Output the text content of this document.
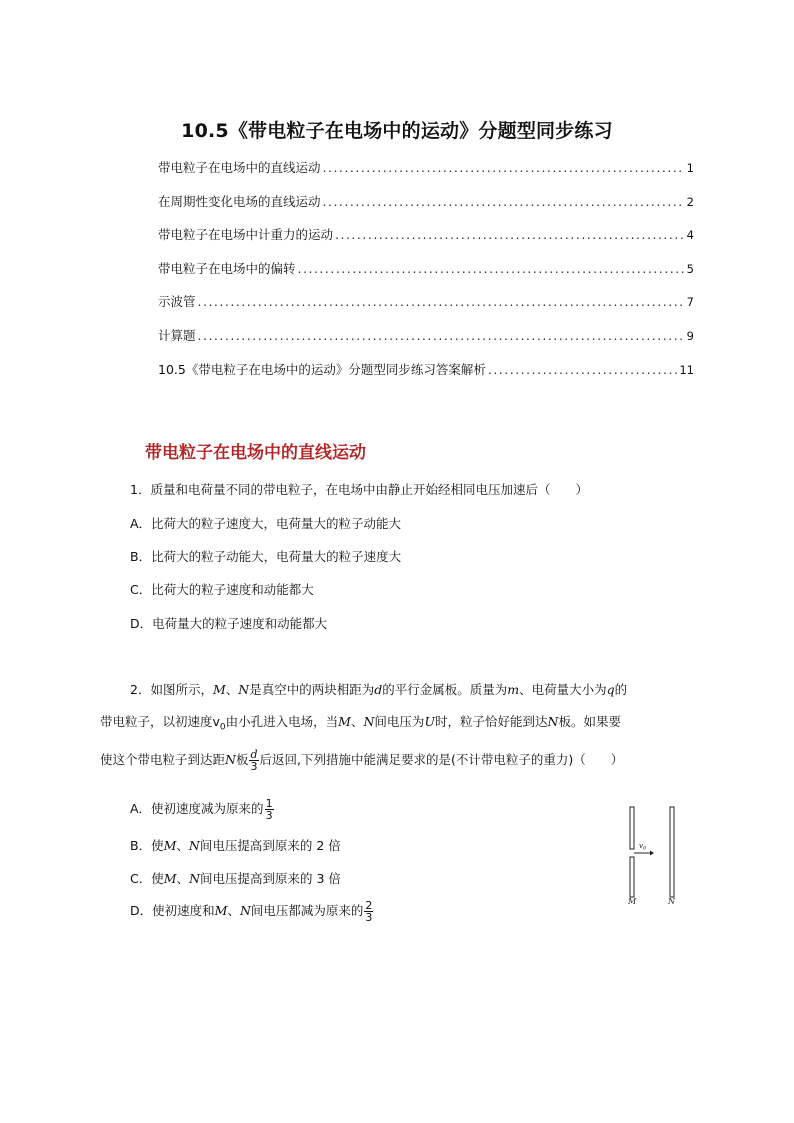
10.5《带电粒子在电场中的运动》分题型同步练习
带电粒子在电场中的直线运动 .....	1
在周期性变化电场的直线运动 .....	2
带电粒子在电场中计重力的运动 .....	4
带电粒子在电场中的偏转 .....	5
示波管 .....	7
计算题 .....	9
10.5《带电粒子在电场中的运动》分题型同步练习答案解析 .....	11
带电粒子在电场中的直线运动
1．质量和电荷量不同的带电粒子，在电场中由静止开始经相同电压加速后（　　）
A．比荷大的粒子速度大，电荷量大的粒子动能大
B．比荷大的粒子动能大，电荷量大的粒子速度大
C．比荷大的粒子速度和动能都大
D．电荷量大的粒子速度和动能都大
2．如图所示，M、N是真空中的两块相距为d的平行金属板。质量为m、电荷量大小为q的
带电粒子，以初速度$v_0$由小孔进入电场，当M、N间电压为U时，粒子恰好能到达N板。如果要
使这个带电粒子到达距N板 $\frac{d}{3}$ 后返回,下列措施中能满足要求的是(不计带电粒子的重力)（　　）
A．使初速度减为原来的 $\frac{1}{3}$
B．使M、N间电压提高到原来的 2 倍
C．使M、N间电压提高到原来的 3 倍
D．使初速度和M、N间电压都减为原来的 $\frac{2}{3}$
$v_0$
M	N
